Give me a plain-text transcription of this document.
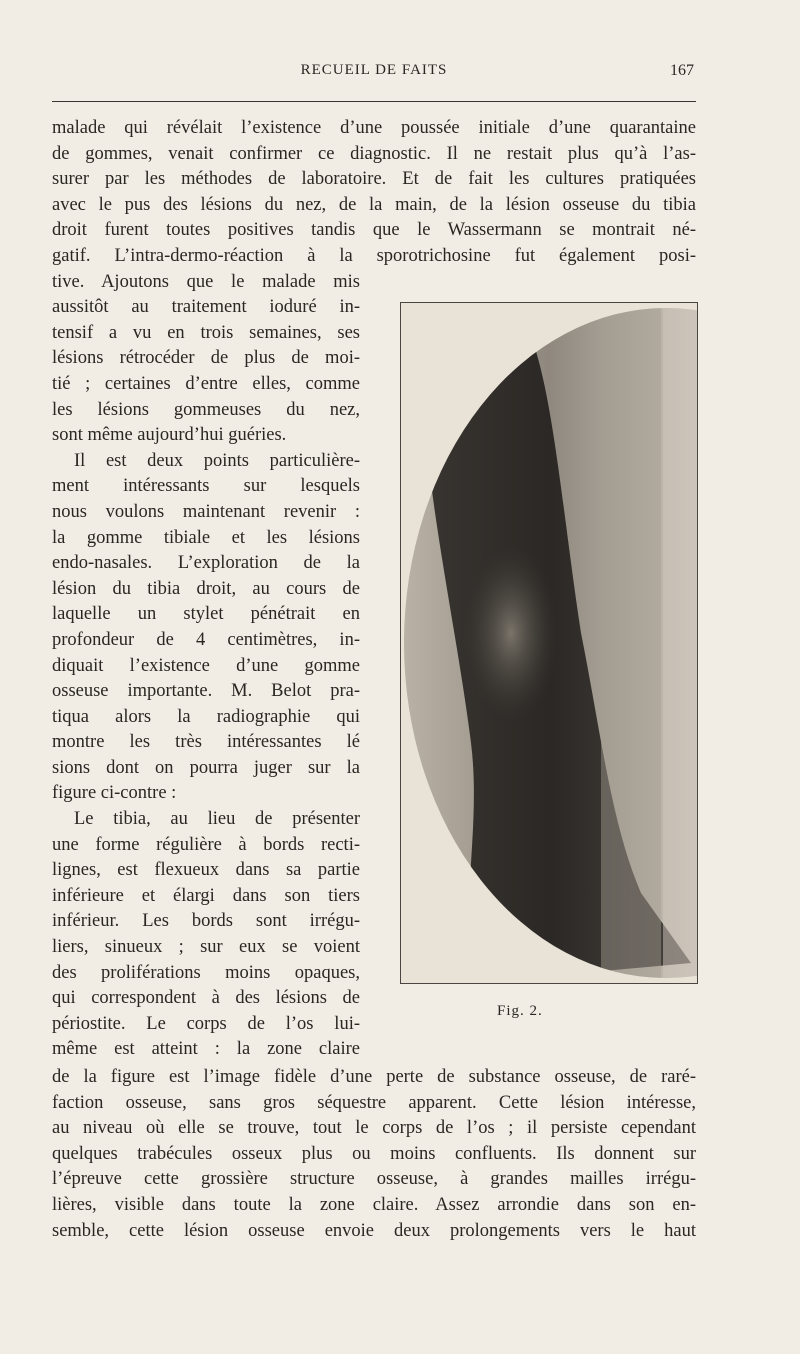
RECUEIL DE FAITS	167
malade qui révélait l’existence d’une poussée initiale d’une quarantaine
de gommes, venait confirmer ce diagnostic. Il ne restait plus qu’à l’as-
surer par les méthodes de laboratoire. Et de fait les cultures pratiquées
avec le pus des lésions du nez, de la main, de la lésion osseuse du tibia
droit furent toutes positives tandis que le Wassermann se montrait né-
gatif. L’intra-dermo-réaction à la sporotrichosine fut également posi-
tive. Ajoutons que le malade mis
aussitôt au traitement ioduré in-
tensif a vu en trois semaines, ses
lésions rétrocéder de plus de moi-
tié ; certaines d’entre elles, comme
les lésions gommeuses du nez,
sont même aujourd’hui guéries.
Il est deux points particulière-
ment intéressants sur lesquels
nous voulons maintenant revenir :
la gomme tibiale et les lésions
endo-nasales. L’exploration de la
lésion du tibia droit, au cours de
laquelle un stylet pénétrait en
profondeur de 4 centimètres, in-
diquait l’existence d’une gomme
osseuse importante. M. Belot pra-
tiqua alors la radiographie qui
montre les très intéressantes lé
sions dont on pourra juger sur la
figure ci-contre :
Le tibia, au lieu de présenter
une forme régulière à bords recti-
lignes, est flexueux dans sa partie
inférieure et élargi dans son tiers
inférieur. Les bords sont irrégu-
liers, sinueux ; sur eux se voient
des proliférations moins opaques,
qui correspondent à des lésions de
périostite. Le corps de l’os lui-
même est atteint : la zone claire
Fig. 2.
de la figure est l’image fidèle d’une perte de substance osseuse, de raré-
faction osseuse, sans gros séquestre apparent. Cette lésion intéresse,
au niveau où elle se trouve, tout le corps de l’os ; il persiste cependant
quelques trabécules osseux plus ou moins confluents. Ils donnent sur
l’épreuve cette grossière structure osseuse, à grandes mailles irrégu-
lières, visible dans toute la zone claire. Assez arrondie dans son en-
semble, cette lésion osseuse envoie deux prolongements vers le haut
